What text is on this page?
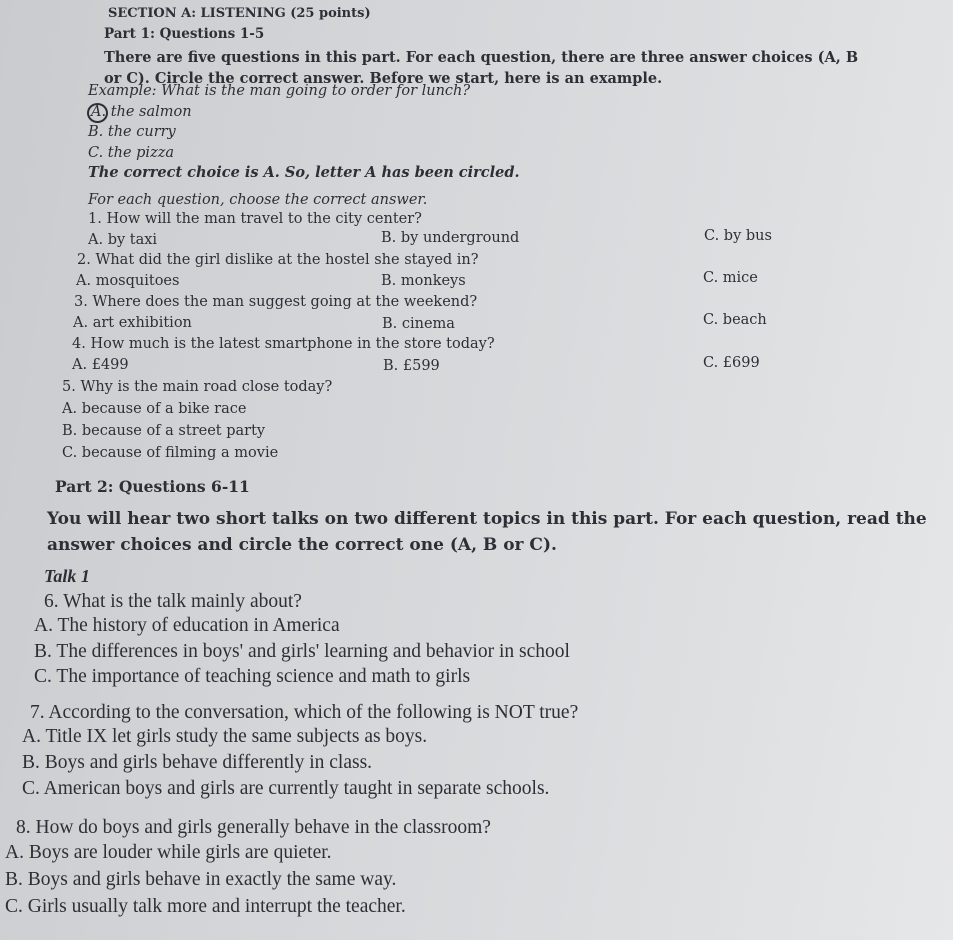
SECTION A: LISTENING (25 points)
Part 1: Questions 1-5
There are five questions in this part. For each question, there are three answer choices (A, B
or C). Circle the correct answer. Before we start, here is an example.
Example: What is the man going to order for lunch?
A. the salmon
B. the curry
C. the pizza
The correct choice is A. So, letter A has been circled.
For each question, choose the correct answer.
1. How will the man travel to the city center?
A. by taxi	B. by underground	C. by bus
2. What did the girl dislike at the hostel she stayed in?
A. mosquitoes	B. monkeys	C. mice
3. Where does the man suggest going at the weekend?
A. art exhibition	B. cinema	C. beach
4. How much is the latest smartphone in the store today?
A. £499	B. £599	C. £699
5. Why is the main road close today?
A. because of a bike race
B. because of a street party
C. because of filming a movie
Part 2: Questions 6-11
You will hear two short talks on two different topics in this part. For each question, read the
answer choices and circle the correct one (A, B or C).
Talk 1
6. What is the talk mainly about?
A. The history of education in America
B. The differences in boys' and girls' learning and behavior in school
C. The importance of teaching science and math to girls
7. According to the conversation, which of the following is NOT true?
A. Title IX let girls study the same subjects as boys.
B. Boys and girls behave differently in class.
C. American boys and girls are currently taught in separate schools.
8. How do boys and girls generally behave in the classroom?
A. Boys are louder while girls are quieter.
B. Boys and girls behave in exactly the same way.
C. Girls usually talk more and interrupt the teacher.
